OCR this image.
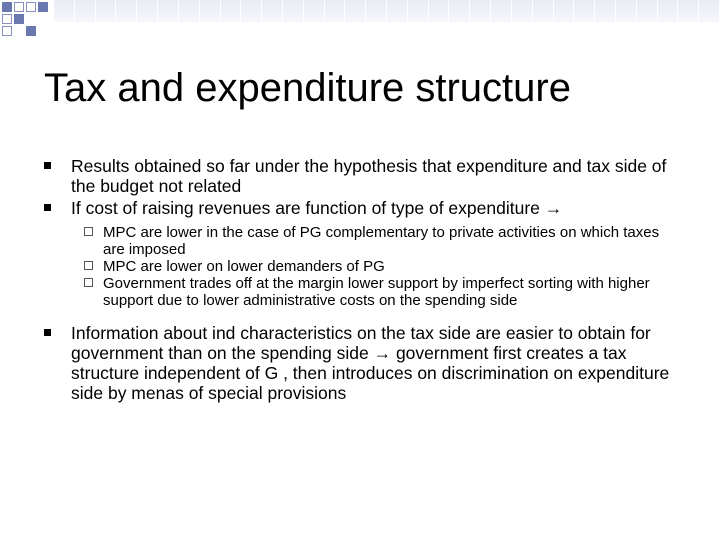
Tax and expenditure structure
Results obtained so far under the hypothesis that expenditure and tax side of the budget not related
If cost of raising revenues are function of type of expenditure →
MPC are lower in the case of PG complementary to private activities on which taxes are imposed
MPC are lower on lower demanders of PG
Government trades off at the margin lower support by imperfect sorting with higher support due to lower administrative costs on the spending side
Information about ind characteristics on the tax side are easier to obtain for government than on the spending side → government first creates a tax structure independent of G , then introduces on discrimination on expenditure side by menas of special provisions
